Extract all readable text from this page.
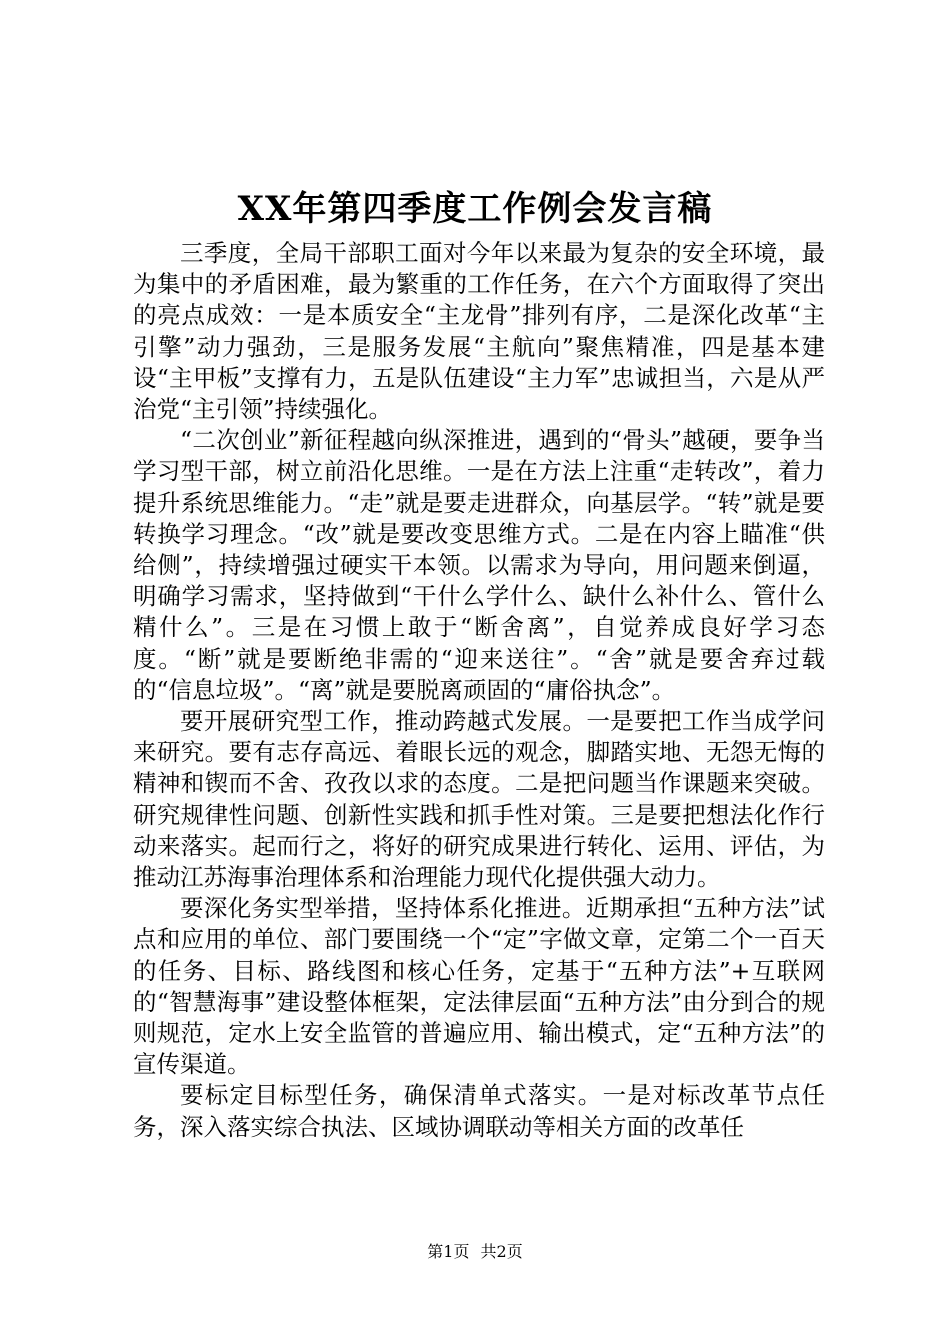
XX年第四季度工作例会发言稿

三季度，全局干部职工面对今年以来最为复杂的安全环境，最为集中的矛盾困难，最为繁重的工作任务，在六个方面取得了突出的亮点成效：一是本质安全“主龙骨”排列有序，二是深化改革“主引擎”动力强劲，三是服务发展“主航向”聚焦精准，四是基本建设“主甲板”支撑有力，五是队伍建设“主力军”忠诚担当，六是从严治党“主引领”持续强化。

“二次创业”新征程越向纵深推进，遇到的“骨头”越硬，要争当学习型干部，树立前沿化思维。一是在方法上注重“走转改”，着力提升系统思维能力。“走”就是要走进群众，向基层学。“转”就是要转换学习理念。“改”就是要改变思维方式。二是在内容上瞄准“供给侧”，持续增强过硬实干本领。以需求为导向，用问题来倒逼，明确学习需求，坚持做到“干什么学什么、缺什么补什么、管什么精什么”。三是在习惯上敢于“断舍离”，自觉养成良好学习态度。“断”就是要断绝非需的“迎来送往”。“舍”就是要舍弃过载的“信息垃圾”。“离”就是要脱离顽固的“庸俗执念”。

要开展研究型工作，推动跨越式发展。一是要把工作当成学问来研究。要有志存高远、着眼长远的观念，脚踏实地、无怨无悔的精神和锲而不舍、孜孜以求的态度。二是把问题当作课题来突破。研究规律性问题、创新性实践和抓手性对策。三是要把想法化作行动来落实。起而行之，将好的研究成果进行转化、运用、评估，为推动江苏海事治理体系和治理能力现代化提供强大动力。

要深化务实型举措，坚持体系化推进。近期承担“五种方法”试点和应用的单位、部门要围绕一个“定”字做文章，定第二个一百天的任务、目标、路线图和核心任务，定基于“五种方法”+互联网的“智慧海事”建设整体框架，定法律层面“五种方法”由分到合的规则规范，定水上安全监管的普遍应用、输出模式，定“五种方法”的宣传渠道。

要标定目标型任务，确保清单式落实。一是对标改革节点任务，深入落实综合执法、区域协调联动等相关方面的改革任

第1页 共2页
